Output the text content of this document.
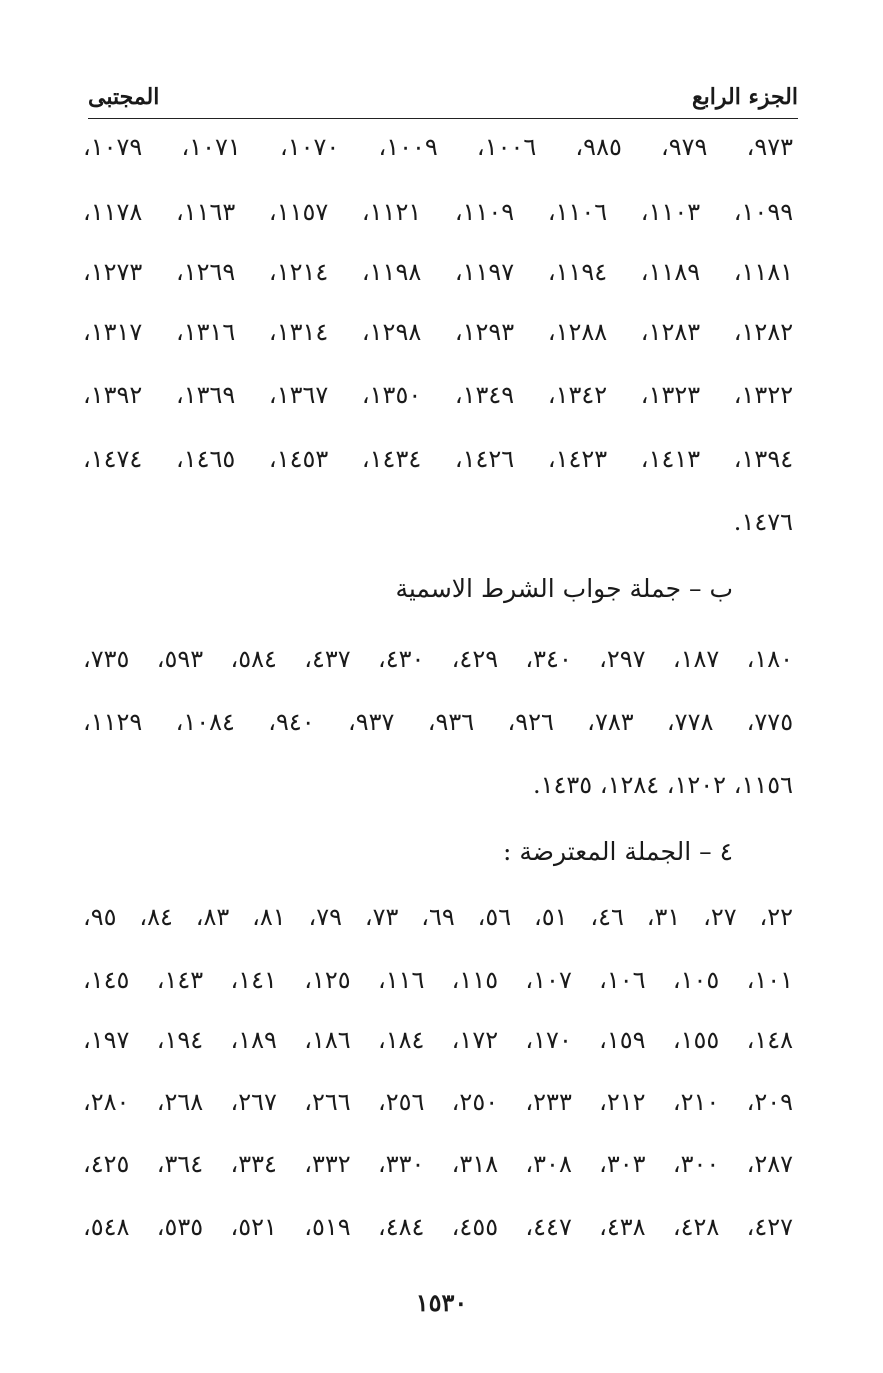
الجزء الرابع
المجتبى
٩٧٣، ٩٧٩، ٩٨٥، ١٠٠٦، ١٠٠٩، ١٠٧٠، ١٠٧١، ١٠٧٩،
١٠٩٩، ١١٠٣، ١١٠٦، ١١٠٩، ١١٢١، ١١٥٧، ١١٦٣، ١١٧٨،
١١٨١، ١١٨٩، ١١٩٤، ١١٩٧، ١١٩٨، ١٢١٤، ١٢٦٩، ١٢٧٣،
١٢٨٢، ١٢٨٣، ١٢٨٨، ١٢٩٣، ١٢٩٨، ١٣١٤، ١٣١٦، ١٣١٧،
١٣٢٢، ١٣٢٣، ١٣٤٢، ١٣٤٩، ١٣٥٠، ١٣٦٧، ١٣٦٩، ١٣٩٢،
١٣٩٤، ١٤١٣، ١٤٢٣، ١٤٢٦، ١٤٣٤، ١٤٥٣، ١٤٦٥، ١٤٧٤،
١٤٧٦.
ب – جملة جواب الشرط الاسمية
١٨٠، ١٨٧، ٢٩٧، ٣٤٠، ٤٢٩، ٤٣٠، ٤٣٧، ٥٨٤، ٥٩٣، ٧٣٥،
٧٧٥، ٧٧٨، ٧٨٣، ٩٢٦، ٩٣٦، ٩٣٧، ٩٤٠، ١٠٨٤، ١١٢٩،
١١٥٦، ١٢٠٢، ١٢٨٤، ١٤٣٥.
٤ – الجملة المعترضة :
٢٢، ٢٧، ٣١، ٤٦، ٥١، ٥٦، ٦٩، ٧٣، ٧٩، ٨١، ٨٣، ٨٤، ٩٥،
١٠١، ١٠٥، ١٠٦، ١٠٧، ١١٥، ١١٦، ١٢٥، ١٤١، ١٤٣، ١٤٥،
١٤٨، ١٥٥، ١٥٩، ١٧٠، ١٧٢، ١٨٤، ١٨٦، ١٨٩، ١٩٤، ١٩٧،
٢٠٩، ٢١٠، ٢١٢، ٢٣٣، ٢٥٠، ٢٥٦، ٢٦٦، ٢٦٧، ٢٦٨، ٢٨٠،
٢٨٧، ٣٠٠، ٣٠٣، ٣٠٨، ٣١٨، ٣٣٠، ٣٣٢، ٣٣٤، ٣٦٤، ٤٢٥،
٤٢٧، ٤٢٨، ٤٣٨، ٤٤٧، ٤٥٥، ٤٨٤، ٥١٩، ٥٢١، ٥٣٥، ٥٤٨،
١٥٣٠
